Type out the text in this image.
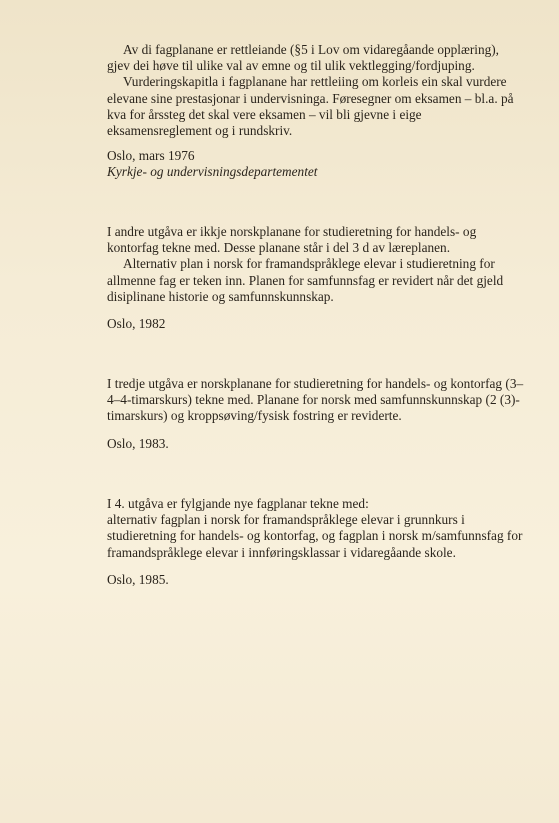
Av di fagplanane er rettleiande (§5 i Lov om vidaregåande opplæring), gjev dei høve til ulike val av emne og til ulik vektlegging/fordjuping.

Vurderingskapitla i fagplanane har rettleiing om korleis ein skal vurdere elevane sine prestasjonar i undervisninga. Føresegner om eksamen – bl.a. på kva for årssteg det skal vere eksamen – vil bli gjevne i eige eksamensreglement og i rundskriv.

Oslo, mars 1976

Kyrkje- og undervisningsdepartementet

I andre utgåva er ikkje norskplanane for studieretning for handels- og kontorfag tekne med. Desse planane står i del 3 d av læreplanen.

Alternativ plan i norsk for framandspråklege elevar i studieretning for allmenne fag er teken inn. Planen for samfunnsfag er revidert når det gjeld disiplinane historie og samfunnskunnskap.

Oslo, 1982

I tredje utgåva er norskplanane for studieretning for handels- og kontorfag (3–4–4-timarskurs) tekne med. Planane for norsk med samfunnskunnskap (2 (3)-timarskurs) og kroppsøving/fysisk fostring er reviderte.

Oslo, 1983.

I 4. utgåva er fylgjande nye fagplanar tekne med:

alternativ fagplan i norsk for framandspråklege elevar i grunnkurs i studieretning for handels- og kontorfag, og fagplan i norsk m/samfunnsfag for framandspråklege elevar i innføringsklassar i vidaregåande skole.

Oslo, 1985.
